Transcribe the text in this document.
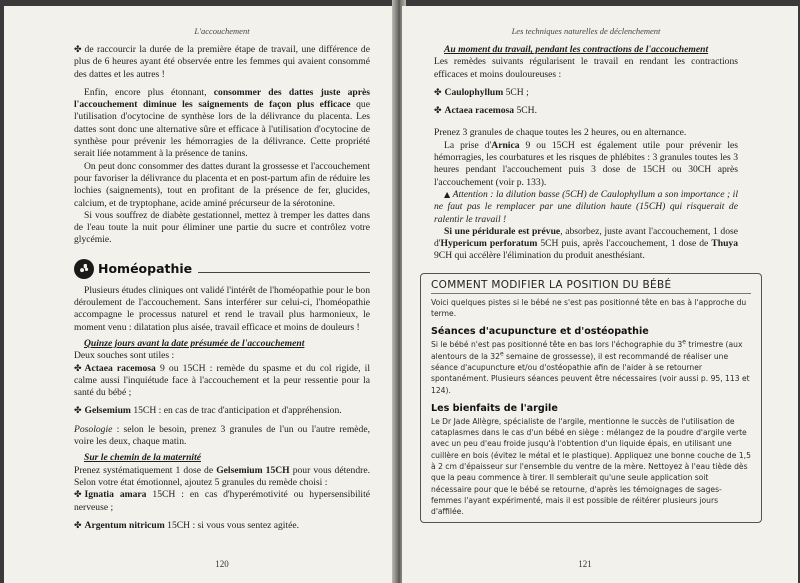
L'accouchement

✤ de raccourcir la durée de la première étape de travail, une différence de plus de 6 heures ayant été observée entre les femmes qui avaient consommé des dattes et les autres !

Enfin, encore plus étonnant, consommer des dattes juste après l'accouchement diminue les saignements de façon plus efficace que l'utilisation d'ocytocine de synthèse lors de la délivrance du placenta. Les dattes sont donc une alternative sûre et efficace à l'utilisation d'ocytocine de synthèse pour prévenir les hémorragies de la délivrance. Cette propriété serait liée notamment à la présence de tanins.

On peut donc consommer des dattes durant la grossesse et l'accouchement pour favoriser la délivrance du placenta et en post-partum afin de réduire les lochies (saignements), tout en profitant de la présence de fer, glucides, calcium, et de tryptophane, acide aminé précurseur de la sérotonine.

Si vous souffrez de diabète gestationnel, mettez à tremper les dattes dans de l'eau toute la nuit pour éliminer une partie du sucre et contrôlez votre glycémie.

Homéopathie

Plusieurs études cliniques ont validé l'intérêt de l'homéopathie pour le bon déroulement de l'accouchement. Sans interférer sur celui-ci, l'homéopathie accompagne le processus naturel et rend le travail plus harmonieux, le moment venu : dilatation plus aisée, travail efficace et moins de douleurs !

Quinze jours avant la date présumée de l'accouchement

Deux souches sont utiles :

✤ Actaea racemosa 9 ou 15CH : remède du spasme et du col rigide, il calme aussi l'inquiétude face à l'accouchement et la peur ressentie pour la santé du bébé ;

✤ Gelsemium 15CH : en cas de trac d'anticipation et d'appréhension.

Posologie : selon le besoin, prenez 3 granules de l'un ou l'autre remède, voire les deux, chaque matin.

Sur le chemin de la maternité

Prenez systématiquement 1 dose de Gelsemium 15CH pour vous détendre. Selon votre état émotionnel, ajoutez 5 granules du remède choisi :

✤ Ignatia amara 15CH : en cas d'hyperémotivité ou hypersensibilité nerveuse ;

✤ Argentum nitricum 15CH : si vous vous sentez agitée.

120
Les techniques naturelles de déclenchement
Au moment du travail, pendant les contractions de l'accouchement

Les remèdes suivants régularisent le travail en rendant les contractions efficaces et moins douloureuses :

✤ Caulophyllum 5CH ;

✤ Actaea racemosa 5CH.

Prenez 3 granules de chaque toutes les 2 heures, ou en alternance.

La prise d'Arnica 9 ou 15CH est également utile pour prévenir les hémorragies, les courbatures et les risques de phlébites : 3 granules toutes les 3 heures pendant l'accouchement puis 3 dose de 15CH ou 30CH après l'accouchement (voir p. 133).

▲ Attention : la dilution basse (5CH) de Caulophyllum a son importance ; il ne faut pas le remplacer par une dilution haute (15CH) qui risquerait de ralentir le travail !

Si une péridurale est prévue, absorbez, juste avant l'accouchement, 1 dose d'Hypericum perforatum 5CH puis, après l'accouchement, 1 dose de Thuya 9CH qui accélère l'élimination du produit anesthésiant.

COMMENT MODIFIER LA POSITION DU BÉBÉ

Voici quelques pistes si le bébé ne s'est pas positionné tête en bas à l'approche du terme.

Séances d'acupuncture et d'ostéopathie

Si le bébé n'est pas positionné tête en bas lors l'échographie du 3e trimestre (aux alentours de la 32e semaine de grossesse), il est recommandé de réaliser une séance d'acupuncture et/ou d'ostéopathie afin de l'aider à se retourner spontanément. Plusieurs séances peuvent être nécessaires (voir aussi p. 95, 113 et 124).

Les bienfaits de l'argile

Le Dr Jade Allègre, spécialiste de l'argile, mentionne le succès de l'utilisation de cataplasmes dans le cas d'un bébé en siège : mélangez de la poudre d'argile verte avec un peu d'eau froide jusqu'à l'obtention d'un liquide épais, en utilisant une cuillère en bois (évitez le métal et le plastique). Appliquez une bonne couche de 1,5 à 2 cm d'épaisseur sur l'ensemble du ventre de la mère. Nettoyez à l'eau tiède dès que la peau commence à tirer. Il semblerait qu'une seule application soit nécessaire pour que le bébé se retourne, d'après les témoignages de sages-femmes l'ayant expérimenté, mais il est possible de réitérer plusieurs jours d'affilée.

121
